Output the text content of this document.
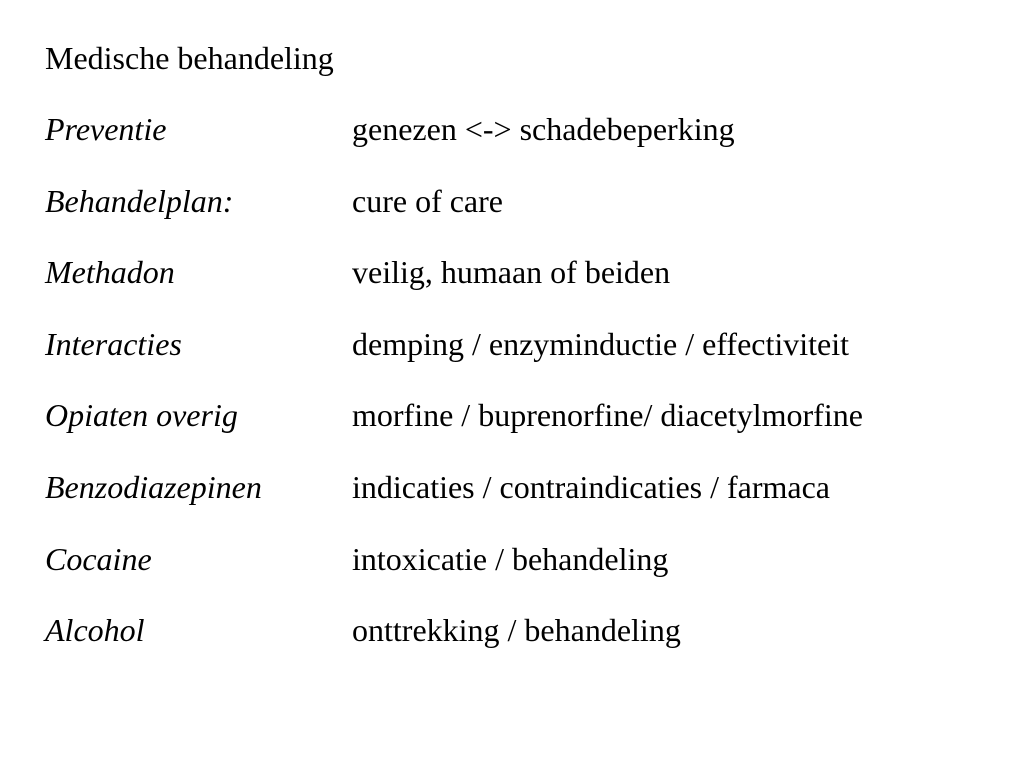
Medische behandeling
Preventie	genezen <-> schadebeperking
Behandelplan:	cure of care
Methadon	veilig, humaan of beiden
Interacties	demping / enzyminductie / effectiviteit
Opiaten overig	morfine / buprenorfine/ diacetylmorfine
Benzodiazepinen	indicaties / contraindicaties / farmaca
Cocaine	intoxicatie / behandeling
Alcohol	onttrekking / behandeling
